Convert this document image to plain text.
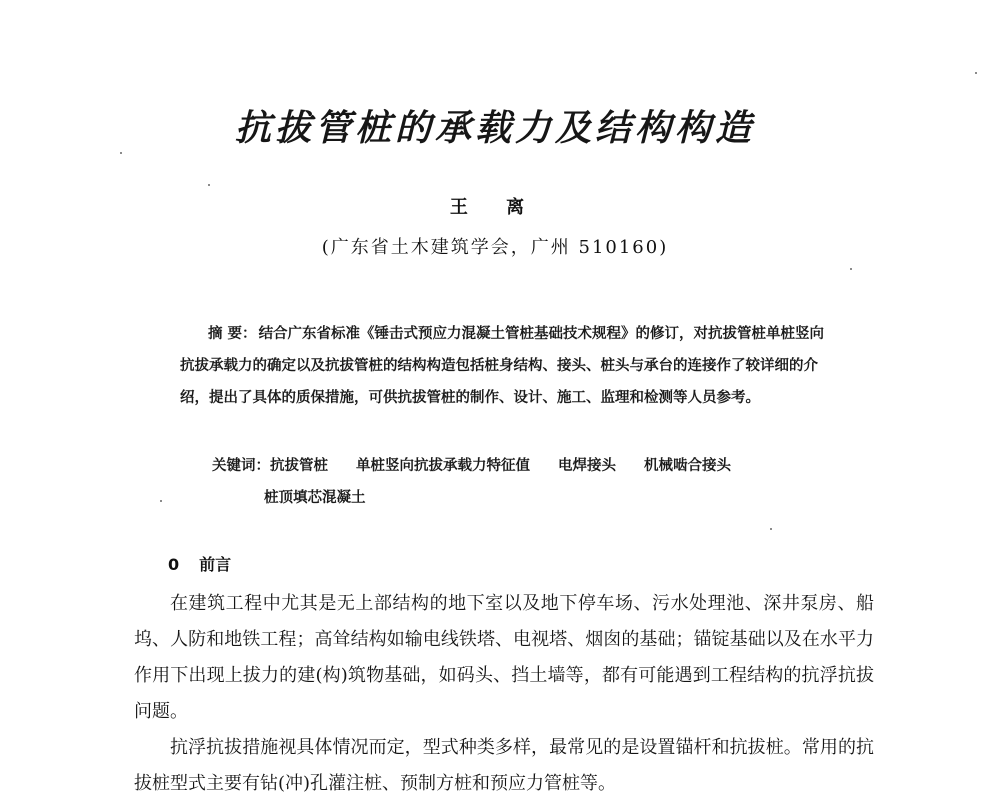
抗拔管桩的承载力及结构构造
王 离
(广东省土木建筑学会，广州 510160)
摘 要： 结合广东省标准《锤击式预应力混凝土管桩基础技术规程》的修订，对抗拔管桩单桩竖向抗拔承载力的确定以及抗拔管桩的结构构造包括桩身结构、接头、桩头与承台的连接作了较详细的介绍，提出了具体的质保措施，可供抗拔管桩的制作、设计、施工、监理和检测等人员参考。
关键词：抗拔管桩 单桩竖向抗拔承载力特征值 电焊接头 机械啮合接头
桩顶填芯混凝土
0 前言

在建筑工程中尤其是无上部结构的地下室以及地下停车场、污水处理池、深井泵房、船坞、人防和地铁工程；高耸结构如输电线铁塔、电视塔、烟囱的基础；锚锭基础以及在水平力作用下出现上拔力的建(构)筑物基础，如码头、挡土墙等，都有可能遇到工程结构的抗浮抗拔问题。

抗浮抗拔措施视具体情况而定，型式种类多样，最常见的是设置锚杆和抗拔桩。常用的抗拔桩型式主要有钻(冲)孔灌注桩、预制方桩和预应力管桩等。
